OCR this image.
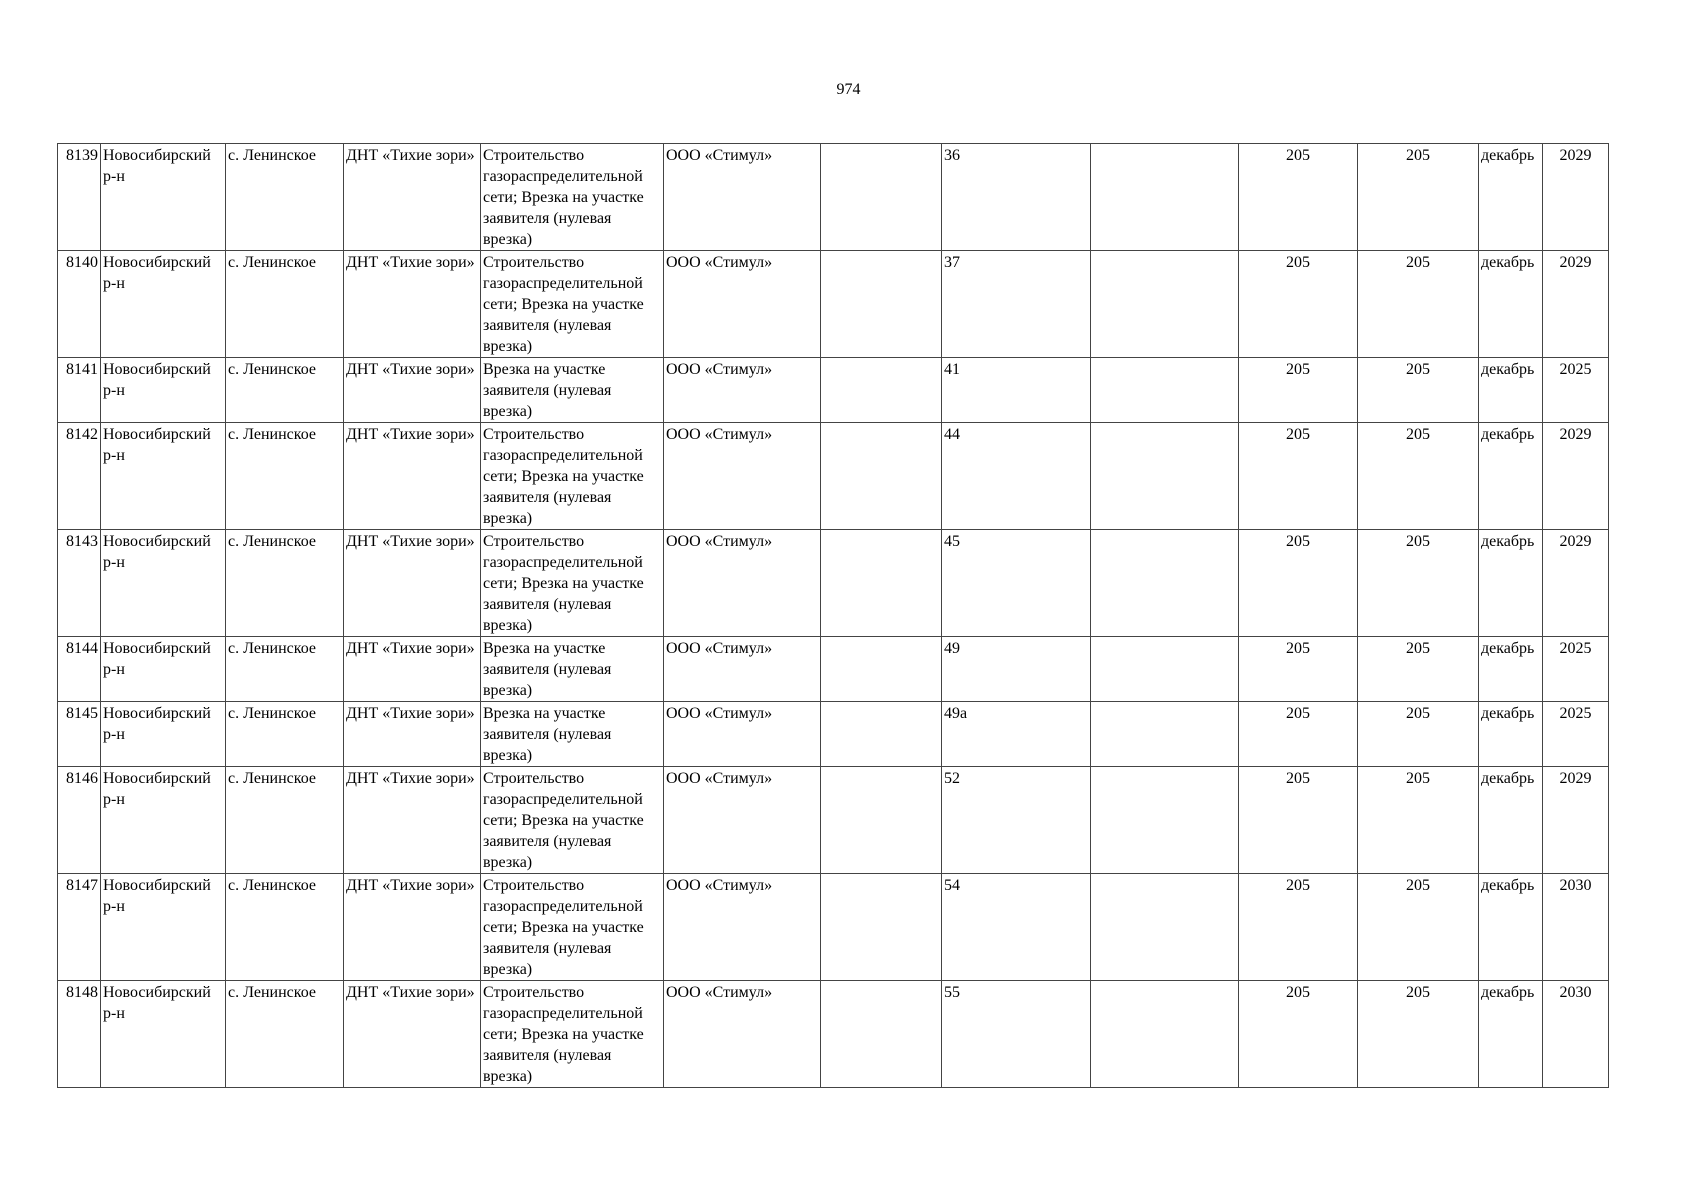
974
8139	Новосибирский р-н	с. Ленинское	ДНТ «Тихие зори»	Строительство газораспределительной сети; Врезка на участке заявителя (нулевая врезка)	ООО «Стимул»		36		205	205	декабрь	2029
8140	Новосибирский р-н	с. Ленинское	ДНТ «Тихие зори»	Строительство газораспределительной сети; Врезка на участке заявителя (нулевая врезка)	ООО «Стимул»		37		205	205	декабрь	2029
8141	Новосибирский р-н	с. Ленинское	ДНТ «Тихие зори»	Врезка на участке заявителя (нулевая врезка)	ООО «Стимул»		41		205	205	декабрь	2025
8142	Новосибирский р-н	с. Ленинское	ДНТ «Тихие зори»	Строительство газораспределительной сети; Врезка на участке заявителя (нулевая врезка)	ООО «Стимул»		44		205	205	декабрь	2029
8143	Новосибирский р-н	с. Ленинское	ДНТ «Тихие зори»	Строительство газораспределительной сети; Врезка на участке заявителя (нулевая врезка)	ООО «Стимул»		45		205	205	декабрь	2029
8144	Новосибирский р-н	с. Ленинское	ДНТ «Тихие зори»	Врезка на участке заявителя (нулевая врезка)	ООО «Стимул»		49		205	205	декабрь	2025
8145	Новосибирский р-н	с. Ленинское	ДНТ «Тихие зори»	Врезка на участке заявителя (нулевая врезка)	ООО «Стимул»		49а		205	205	декабрь	2025
8146	Новосибирский р-н	с. Ленинское	ДНТ «Тихие зори»	Строительство газораспределительной сети; Врезка на участке заявителя (нулевая врезка)	ООО «Стимул»		52		205	205	декабрь	2029
8147	Новосибирский р-н	с. Ленинское	ДНТ «Тихие зори»	Строительство газораспределительной сети; Врезка на участке заявителя (нулевая врезка)	ООО «Стимул»		54		205	205	декабрь	2030
8148	Новосибирский р-н	с. Ленинское	ДНТ «Тихие зори»	Строительство газораспределительной сети; Врезка на участке заявителя (нулевая врезка)	ООО «Стимул»		55		205	205	декабрь	2030
